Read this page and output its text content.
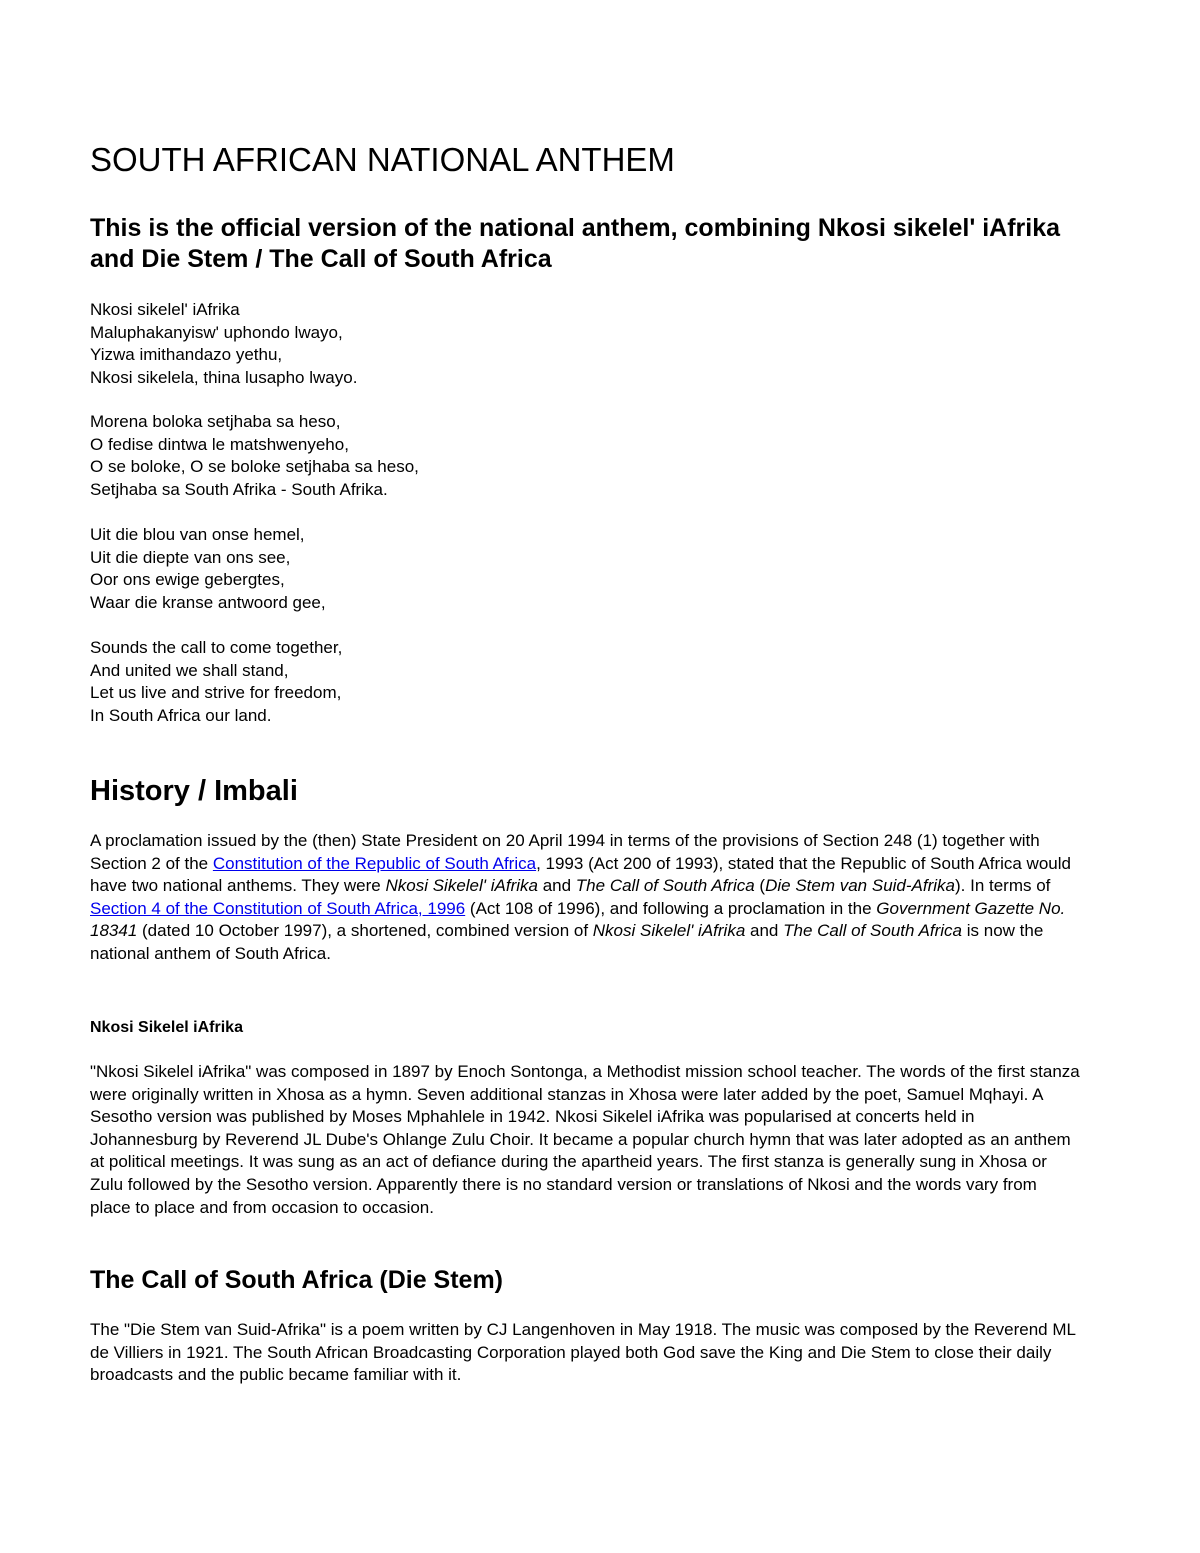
SOUTH AFRICAN NATIONAL ANTHEM
This is the official version of the national anthem, combining Nkosi sikelel' iAfrika and Die Stem / The Call of South Africa
Nkosi sikelel' iAfrika
Maluphakanyisw' uphondo lwayo,
Yizwa imithandazo yethu,
Nkosi sikelela, thina lusapho lwayo.
Morena boloka setjhaba sa heso,
O fedise dintwa le matshwenyeho,
O se boloke, O se boloke setjhaba sa heso,
Setjhaba sa South Afrika - South Afrika.
Uit die blou van onse hemel,
Uit die diepte van ons see,
Oor ons ewige gebergtes,
Waar die kranse antwoord gee,
Sounds the call to come together,
And united we shall stand,
Let us live and strive for freedom,
In South Africa our land.
History / Imbali

A proclamation issued by the (then) State President on 20 April 1994 in terms of the provisions of Section 248 (1) together with Section 2 of the Constitution of the Republic of South Africa, 1993 (Act 200 of 1993), stated that the Republic of South Africa would have two national anthems. They were Nkosi Sikelel' iAfrika and The Call of South Africa (Die Stem van Suid-Afrika). In terms of Section 4 of the Constitution of South Africa, 1996 (Act 108 of 1996), and following a proclamation in the Government Gazette No. 18341 (dated 10 October 1997), a shortened, combined version of Nkosi Sikelel' iAfrika and The Call of South Africa is now the national anthem of South Africa.

Nkosi Sikelel iAfrika

"Nkosi Sikelel iAfrika" was composed in 1897 by Enoch Sontonga, a Methodist mission school teacher. The words of the first stanza were originally written in Xhosa as a hymn. Seven additional stanzas in Xhosa were later added by the poet, Samuel Mqhayi. A Sesotho version was published by Moses Mphahlele in 1942. Nkosi Sikelel iAfrika was popularised at concerts held in Johannesburg by Reverend JL Dube's Ohlange Zulu Choir. It became a popular church hymn that was later adopted as an anthem at political meetings. It was sung as an act of defiance during the apartheid years. The first stanza is generally sung in Xhosa or Zulu followed by the Sesotho version. Apparently there is no standard version or translations of Nkosi and the words vary from place to place and from occasion to occasion.

The Call of South Africa (Die Stem)

The "Die Stem van Suid-Afrika" is a poem written by CJ Langenhoven in May 1918. The music was composed by the Reverend ML de Villiers in 1921. The South African Broadcasting Corporation played both God save the King and Die Stem to close their daily broadcasts and the public became familiar with it.
